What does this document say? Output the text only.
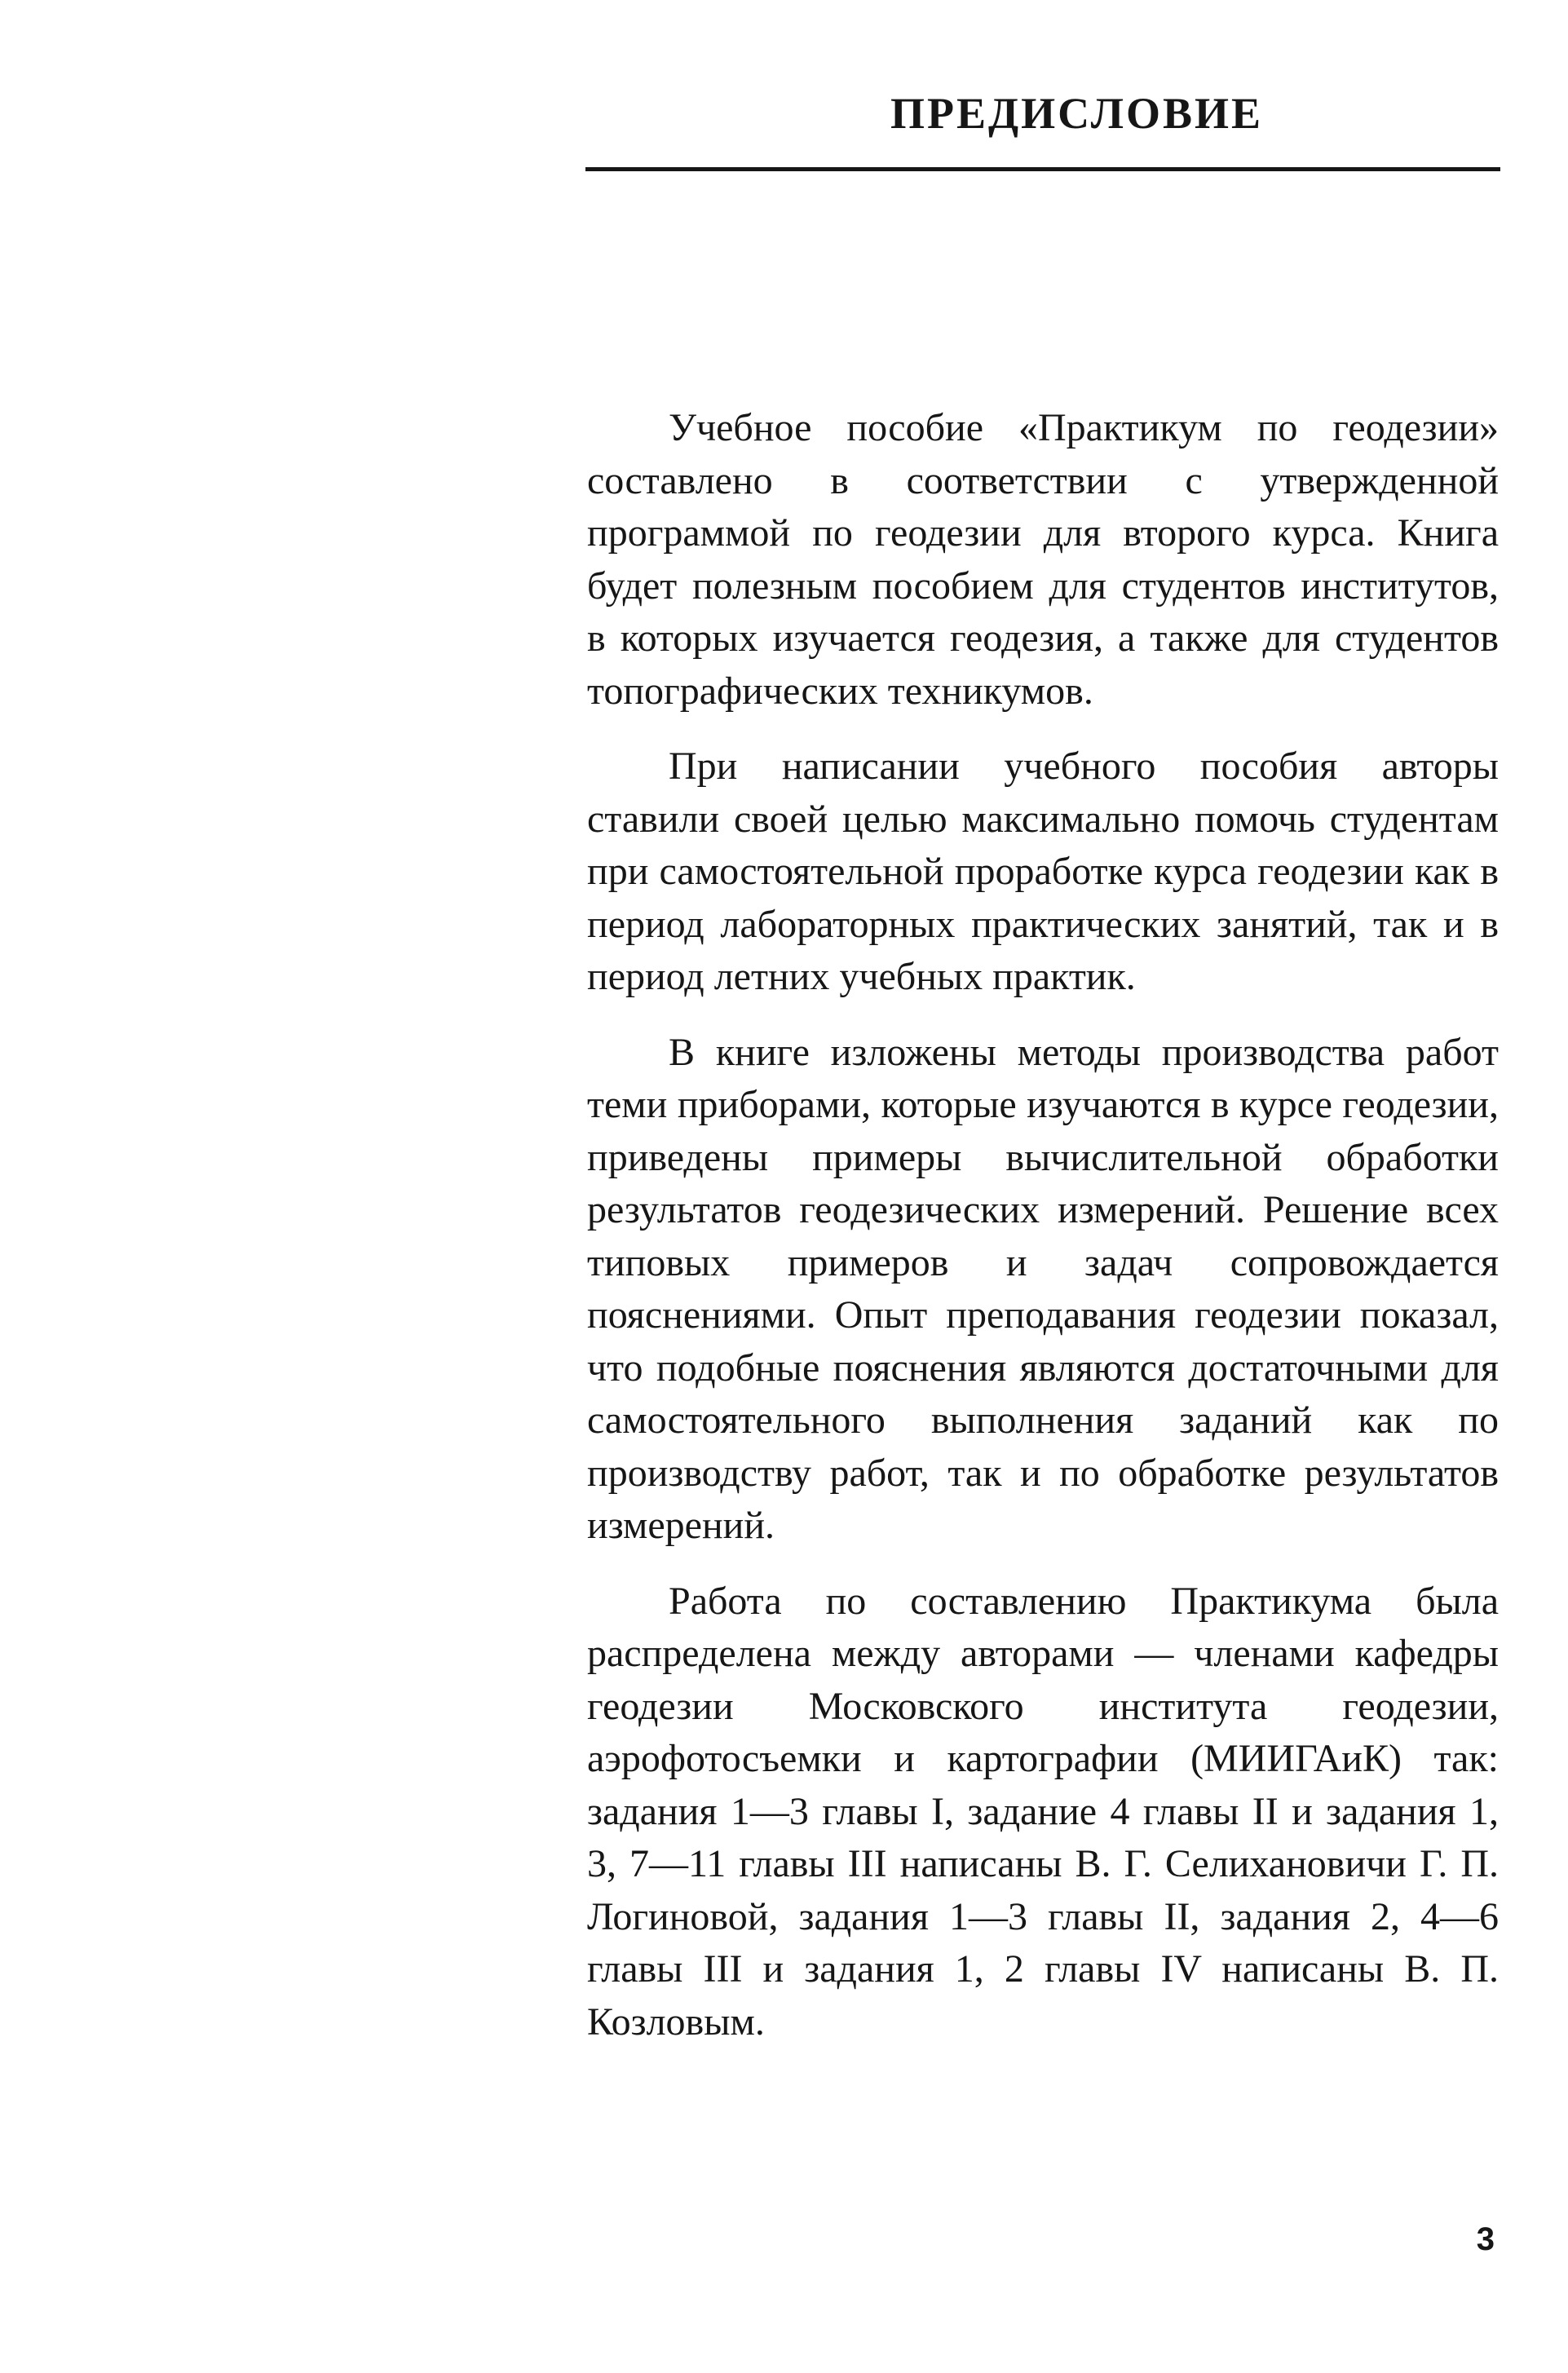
ПРЕДИСЛОВИЕ

Учебное пособие «Практикум по геодезии» составлено в соответствии с утвержденной программой по геодезии для второго курса. Книга будет полезным пособием для студентов институтов, в которых изучается геодезия, а также для студентов топографических техникумов.

При написании учебного пособия авторы ставили своей целью максимально помочь студентам при самостоятельной проработке курса геодезии как в период лабораторных практических занятий, так и в период летних учебных практик.

В книге изложены методы производства работ теми приборами, которые изучаются в курсе геодезии, приведены примеры вычислительной обработки результатов геодезических измерений. Решение всех типовых примеров и задач сопровождается пояснениями. Опыт преподавания геодезии показал, что подобные пояснения являются достаточными для самостоятельного выполнения заданий как по производству работ, так и по обработке результатов измерений.

Работа по составлению Практикума была распределена между авторами — членами кафедры геодезии Московского института геодезии, аэрофотосъемки и картографии (МИИГАиК) так: задания 1—3 главы I, задание 4 главы II и задания 1, 3, 7—11 главы III написаны В. Г. Селихановичи Г. П. Логиновой, задания 1—3 главы II, задания 2, 4—6 главы III и задания 1, 2 главы IV написаны В. П. Козловым.

3
